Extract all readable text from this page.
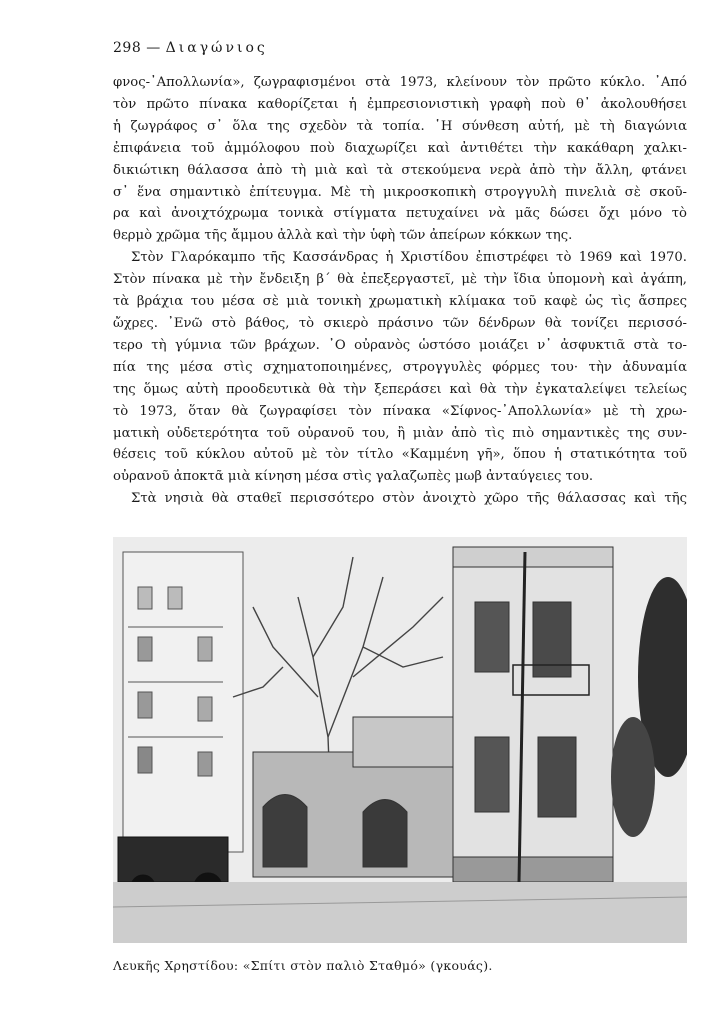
298 — Διαγώνιος
φνος-᾽Απολλωνία», ζωγραφισμένοι στὰ 1973, κλείνουν τὸν πρῶτο κύκλο. ᾽Από
τὸν πρῶτο πίνακα καθορίζεται ἡ ἐμπρεσιονιστικὴ γραφὴ ποὺ θ᾽ ἀκολουθήσει
ἡ ζωγράφος σ᾽ ὅλα της σχεδὸν τὰ τοπία. ῾Η σύνθεση αὐτή, μὲ τὴ διαγώνια
ἐπιφάνεια τοῦ ἀμμόλοφου ποὺ διαχωρίζει καὶ ἀντιθέτει τὴν κακάθαρη χαλκι-
δικιώτικη θάλασσα ἀπὸ τὴ μιὰ καὶ τὰ στεκούμενα νερὰ ἀπὸ τὴν ἄλλη, φτάνει
σ᾽ ἕνα σημαντικὸ ἐπίτευγμα. Μὲ τὴ μικροσκοπικὴ στρογγυλὴ πινελιὰ σὲ σκοῦ-
ρα καὶ ἀνοιχτόχρωμα τονικὰ στίγματα πετυχαίνει νὰ μᾶς δώσει ὄχι μόνο τὸ
θερμὸ χρῶμα τῆς ἄμμου ἀλλὰ καὶ τὴν ὑφὴ τῶν ἀπείρων κόκκων της.
Στὸν Γλαρόκαμπο τῆς Κασσάνδρας ἡ Χριστίδου ἐπιστρέφει τὸ 1969 καὶ 1970.
Στὸν πίνακα μὲ τὴν ἔνδειξη β΄ θὰ ἐπεξεργαστεῖ, μὲ τὴν ἴδια ὑπομονὴ καὶ ἀγάπη,
τὰ βράχια του μέσα σὲ μιὰ τονικὴ χρωματικὴ κλίμακα τοῦ καφὲ ὡς τὶς ἄσπρες
ὤχρες. ᾽Ενῶ στὸ βάθος, τὸ σκιερὸ πράσινο τῶν δένδρων θὰ τονίζει περισσό-
τερο τὴ γύμνια τῶν βράχων. ᾽Ο οὐρανὸς ὡστόσο μοιάζει ν᾽ ἀσφυκτιᾶ στὰ το-
πία της μέσα στὶς σχηματοποιημένες, στρογγυλὲς φόρμες του· τὴν ἀδυναμία
της ὅμως αὐτὴ προοδευτικὰ θὰ τὴν ξεπεράσει καὶ θὰ τὴν ἐγκαταλείψει τελείως
τὸ 1973, ὅταν θὰ ζωγραφίσει τὸν πίνακα «Σίφνος-᾽Απολλωνία» μὲ τὴ χρω-
ματικὴ οὐδετερότητα τοῦ οὐρανοῦ του, ἢ μιὰν ἀπὸ τὶς πιὸ σημαντικὲς της συν-
θέσεις τοῦ κύκλου αὐτοῦ μὲ τὸν τίτλο «Καμμένη γῆ», ὅπου ἡ στατικότητα τοῦ
οὐρανοῦ ἀποκτᾶ μιὰ κίνηση μέσα στὶς γαλαζωπὲς μωβ ἀνταύγειες του.
Στὰ νησιὰ θὰ σταθεῖ περισσότερο στὸν ἀνοιχτὸ χῶρο τῆς θάλασσας καὶ τῆς
Λευκῆς Χρηστίδου: «Σπίτι στὸν παλιὸ Σταθμό» (γκουάς).
